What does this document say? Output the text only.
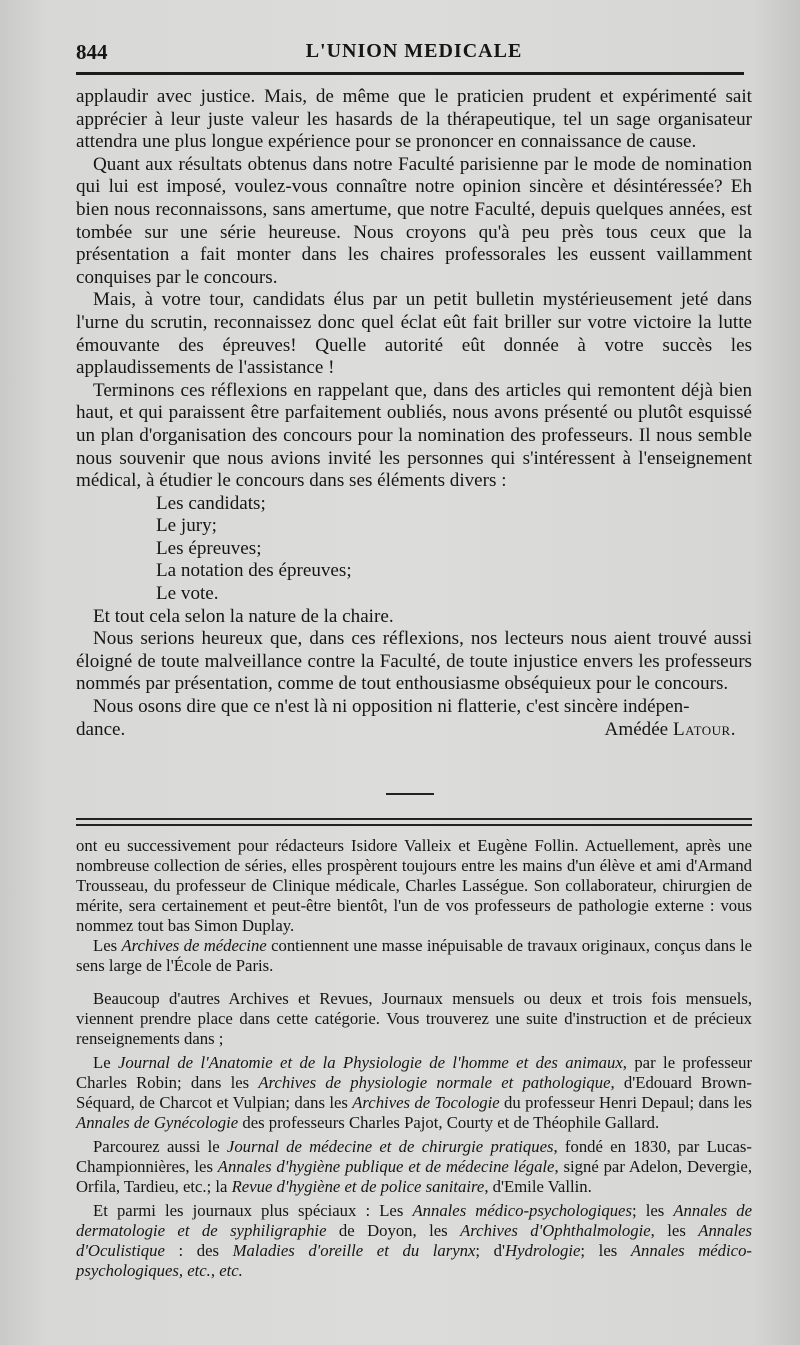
844	L'UNION MEDICALE

applaudir avec justice. Mais, de même que le praticien prudent et expérimenté sait apprécier à leur juste valeur les hasards de la thérapeutique, tel un sage organisateur attendra une plus longue expérience pour se prononcer en connaissance de cause.

Quant aux résultats obtenus dans notre Faculté parisienne par le mode de nomination qui lui est imposé, voulez-vous connaître notre opinion sincère et désintéressée? Eh bien nous reconnaissons, sans amertume, que notre Faculté, depuis quelques années, est tombée sur une série heureuse. Nous croyons qu'à peu près tous ceux que la présentation a fait monter dans les chaires professorales les eussent vaillamment conquises par le concours.

Mais, à votre tour, candidats élus par un petit bulletin mystérieusement jeté dans l'urne du scrutin, reconnaissez donc quel éclat eût fait briller sur votre victoire la lutte émouvante des épreuves! Quelle autorité eût donnée à votre succès les applaudissements de l'assistance !

Terminons ces réflexions en rappelant que, dans des articles qui remontent déjà bien haut, et qui paraissent être parfaitement oubliés, nous avons présenté ou plutôt esquissé un plan d'organisation des concours pour la nomination des professeurs. Il nous semble nous souvenir que nous avions invité les personnes qui s'intéressent à l'enseignement médical, à étudier le concours dans ses éléments divers :

Les candidats;
Le jury;
Les épreuves;
La notation des épreuves;
Le vote.

Et tout cela selon la nature de la chaire.

Nous serions heureux que, dans ces réflexions, nos lecteurs nous aient trouvé aussi éloigné de toute malveillance contre la Faculté, de toute injustice envers les professeurs nommés par présentation, comme de tout enthousiasme obséquieux pour le concours.

Nous osons dire que ce n'est là ni opposition ni flatterie, c'est sincère indépen-

dance.	Amédée Latour.

ont eu successivement pour rédacteurs Isidore Valleix et Eugène Follin. Actuellement, après une nombreuse collection de séries, elles prospèrent toujours entre les mains d'un élève et ami d'Armand Trousseau, du professeur de Clinique médicale, Charles Lasségue. Son collaborateur, chirurgien de mérite, sera certainement et peut-être bientôt, l'un de vos professeurs de pathologie externe : vous nommez tout bas Simon Duplay.

Les Archives de médecine contiennent une masse inépuisable de travaux originaux, conçus dans le sens large de l'École de Paris.

Beaucoup d'autres Archives et Revues, Journaux mensuels ou deux et trois fois mensuels, viennent prendre place dans cette catégorie. Vous trouverez une suite d'instruction et de précieux renseignements dans ;

Le Journal de l'Anatomie et de la Physiologie de l'homme et des animaux, par le professeur Charles Robin; dans les Archives de physiologie normale et pathologique, d'Edouard Brown-Séquard, de Charcot et Vulpian; dans les Archives de Tocologie du professeur Henri Depaul; dans les Annales de Gynécologie des professeurs Charles Pajot, Courty et de Théophile Gallard.

Parcourez aussi le Journal de médecine et de chirurgie pratiques, fondé en 1830, par Lucas-Championnières, les Annales d'hygiène publique et de médecine légale, signé par Adelon, Devergie, Orfila, Tardieu, etc.; la Revue d'hygiène et de police sanitaire, d'Emile Vallin.

Et parmi les journaux plus spéciaux : Les Annales médico-psychologiques; les Annales de dermatologie et de syphiligraphie de Doyon, les Archives d'Ophthalmologie, les Annales d'Oculistique : des Maladies d'oreille et du larynx; d'Hydrologie; les Annales médico-psychologiques, etc., etc.
